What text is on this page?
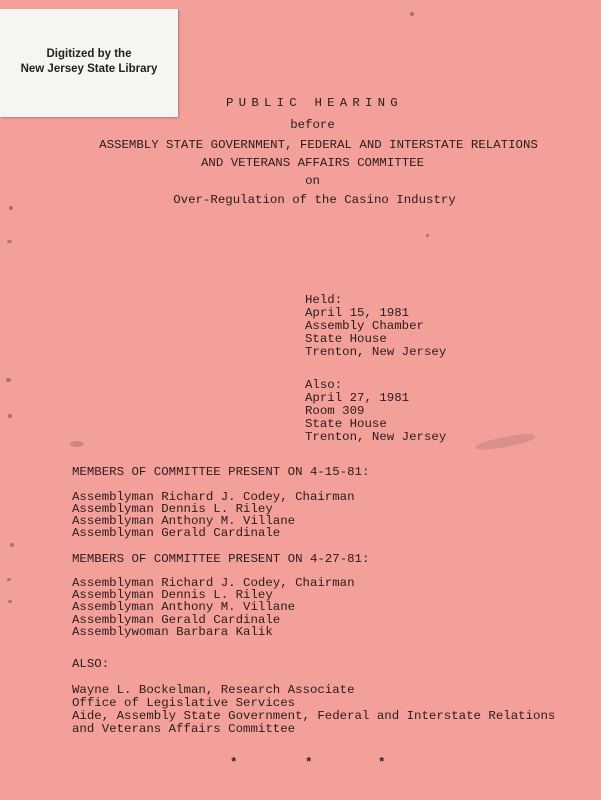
Digitized by the
New Jersey State Library
PUBLIC HEARING
before
ASSEMBLY STATE GOVERNMENT, FEDERAL AND INTERSTATE RELATIONS
AND VETERANS AFFAIRS COMMITTEE
on
Over-Regulation of the Casino Industry
Held:
April 15, 1981
Assembly Chamber
State House
Trenton, New Jersey
Also:
April 27, 1981
Room 309
State House
Trenton, New Jersey
MEMBERS OF COMMITTEE PRESENT ON 4-15-81:
Assemblyman Richard J. Codey, Chairman
Assemblyman Dennis L. Riley
Assemblyman Anthony M. Villane
Assemblyman Gerald Cardinale
MEMBERS OF COMMITTEE PRESENT ON 4-27-81:
Assemblyman Richard J. Codey, Chairman
Assemblyman Dennis L. Riley
Assemblyman Anthony M. Villane
Assemblyman Gerald Cardinale
Assemblywoman Barbara Kalik
ALSO:
Wayne L. Bockelman, Research Associate
Office of Legislative Services
Aide, Assembly State Government, Federal and Interstate Relations
and Veterans Affairs Committee
*	*	*
